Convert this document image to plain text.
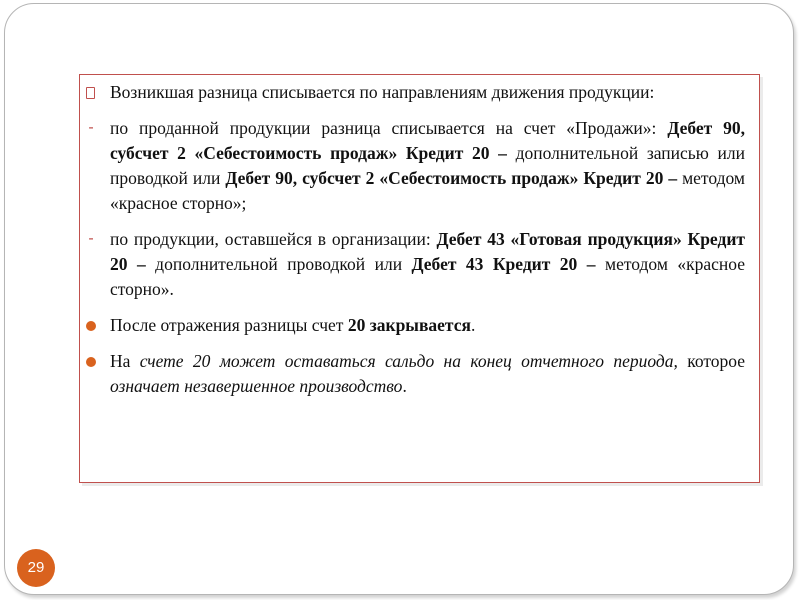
Возникшая разница списывается по направлениям движения продукции:
- по проданной продукции разница списывается на счет «Продажи»: Дебет 90, субсчет 2 «Себестоимость продаж» Кредит 20 – дополнительной записью или проводкой или Дебет 90, субсчет 2 «Себестоимость продаж» Кредит 20 – методом «красное сторно»;
- по продукции, оставшейся в организации: Дебет 43 «Готовая продукция» Кредит 20 – дополнительной проводкой или Дебет 43 Кредит 20 – методом «красное сторно».
После отражения разницы счет 20 закрывается.
На счете 20 может оставаться сальдо на конец отчетного периода, которое означает незавершенное производство.
29
